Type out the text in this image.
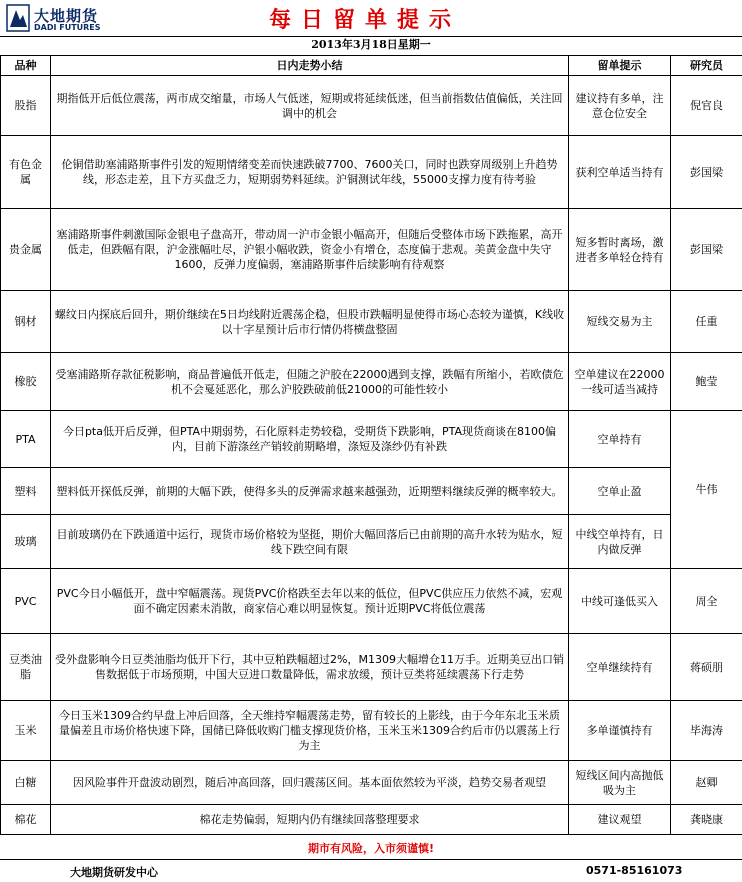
大地期货
DADI FUTURES	每日留单提示
2013年3月18日星期一
品种	日内走势小结	留单提示	研究员
股指	期指低开后低位震荡，两市成交缩量，市场人气低迷，短期或将延续低迷，但当前指数估值偏低，关注回调中的机会	建议持有多单，注意仓位安全	倪官良
有色金属	伦铜借助塞浦路斯事件引发的短期情绪变差而快速跌破7700、7600关口，同时也跌穿周级别上升趋势线，形态走差，且下方买盘乏力，短期弱势料延续。沪铜测试年线，55000支撑力度有待考验	获利空单适当持有	彭国梁
贵金属	塞浦路斯事件刺激国际金银电子盘高开，带动周一沪市金银小幅高开，但随后受整体市场下跌拖累，高开低走，但跌幅有限，沪金涨幅吐尽，沪银小幅收跌，资金小有增仓，态度偏于悲观。美黄金盘中失守1600，反弹力度偏弱，塞浦路斯事件后续影响有待观察	短多暂时离场，激进者多单轻仓持有	彭国梁
钢材	螺纹日内探底后回升，期价继续在5日均线附近震荡企稳，但股市跌幅明显使得市场心态较为谨慎，K线收以十字星预计后市行情仍将横盘整固	短线交易为主	任重
橡胶	受塞浦路斯存款征税影响，商品普遍低开低走，但随之沪胶在22000遇到支撑，跌幅有所缩小，若欧债危机不会戛延恶化，那么沪胶跌破前低21000的可能性较小	空单建议在22000一线可适当减持	鲍莹
PTA	今日pta低开后反弹，但PTA中期弱势，石化原料走势较稳，受期货下跌影响，PTA现货商谈在8100偏内，目前下游涤丝产销较前期略增，涤短及涤纱仍有补跌	空单持有	牛伟
塑料	塑料低开探低反弹，前期的大幅下跌，使得多头的反弹需求越来越强劲，近期塑料继续反弹的概率较大。	空单止盈	
玻璃	目前玻璃仍在下跌通道中运行，现货市场价格较为坚挺，期价大幅回落后已由前期的高升水转为贴水，短线下跌空间有限	中线空单持有，日内做反弹	
PVC	PVC今日小幅低开，盘中窄幅震荡。现货PVC价格跌至去年以来的低位，但PVC供应压力依然不减，宏观面不确定因素未消散，商家信心难以明显恢复。预计近期PVC将低位震荡	中线可逢低买入	周全
豆类油脂	受外盘影响今日豆类油脂均低开下行，其中豆粕跌幅超过2%，M1309大幅增仓11万手。近期美豆出口销售数据低于市场预期，中国大豆进口数量降低，需求放缓，预计豆类将延续震荡下行走势	空单继续持有	蒋硕朋
玉米	今日玉米1309合约早盘上冲后回落，全天维持窄幅震荡走势，留有较长的上影线，由于今年东北玉米质量偏差且市场价格快速下降，国储已降低收购门槛支撑现货价格，玉米玉米1309合约后市仍以震荡上行为主	多单谨慎持有	毕海涛
白糖	因风险事件开盘波动剧烈，随后冲高回落，回归震荡区间。基本面依然较为平淡，趋势交易者观望	短线区间内高抛低吸为主	赵卿
棉花	棉花走势偏弱，短期内仍有继续回落整理要求	建议观望	龚晓康
期市有风险，入市须谨慎!
大地期货研发中心	0571-85161073
